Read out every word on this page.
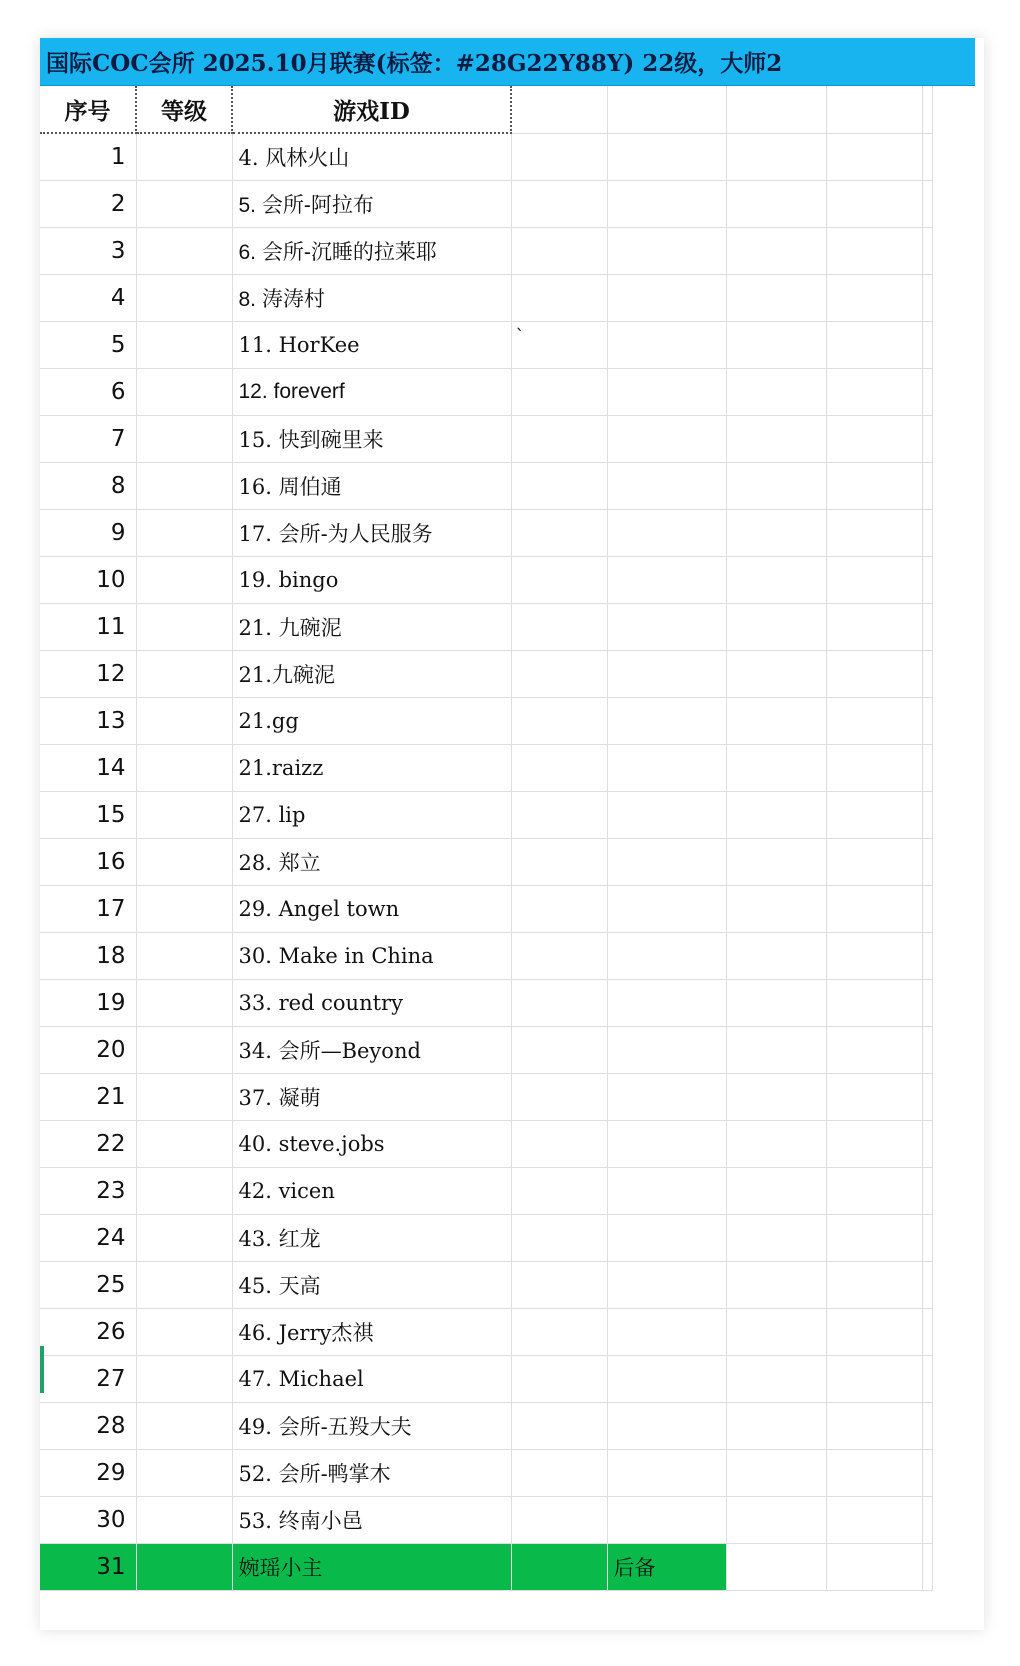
国际COC会所 2025.10月联赛(标签：#28G22Y88Y) 22级，大师2
序号	等级	游戏ID					
1		4. 风林火山					
2		5. 会所-阿拉布					
3		6. 会所-沉睡的拉莱耶					
4		8. 涛涛村					
5		11. HorKee	`				
6		12. foreverf					
7		15. 快到碗里来					
8		16. 周伯通					
9		17. 会所-为人民服务					
10		19. bingo					
11		21. 九碗泥					
12		21.九碗泥					
13		21.gg					
14		21.raizz					
15		27. lip					
16		28. 郑立					
17		29. Angel town					
18		30. Make in China					
19		33. red country					
20		34. 会所—Beyond					
21		37. 凝萌					
22		40. steve.jobs					
23		42. vicen					
24		43. 红龙					
25		45. 天高					
26		46. Jerry杰祺					
27		47. Michael					
28		49. 会所-五羖大夫					
29		52. 会所-鸭掌木					
30		53. 终南小邑					
31		婉瑶小主		后备			
